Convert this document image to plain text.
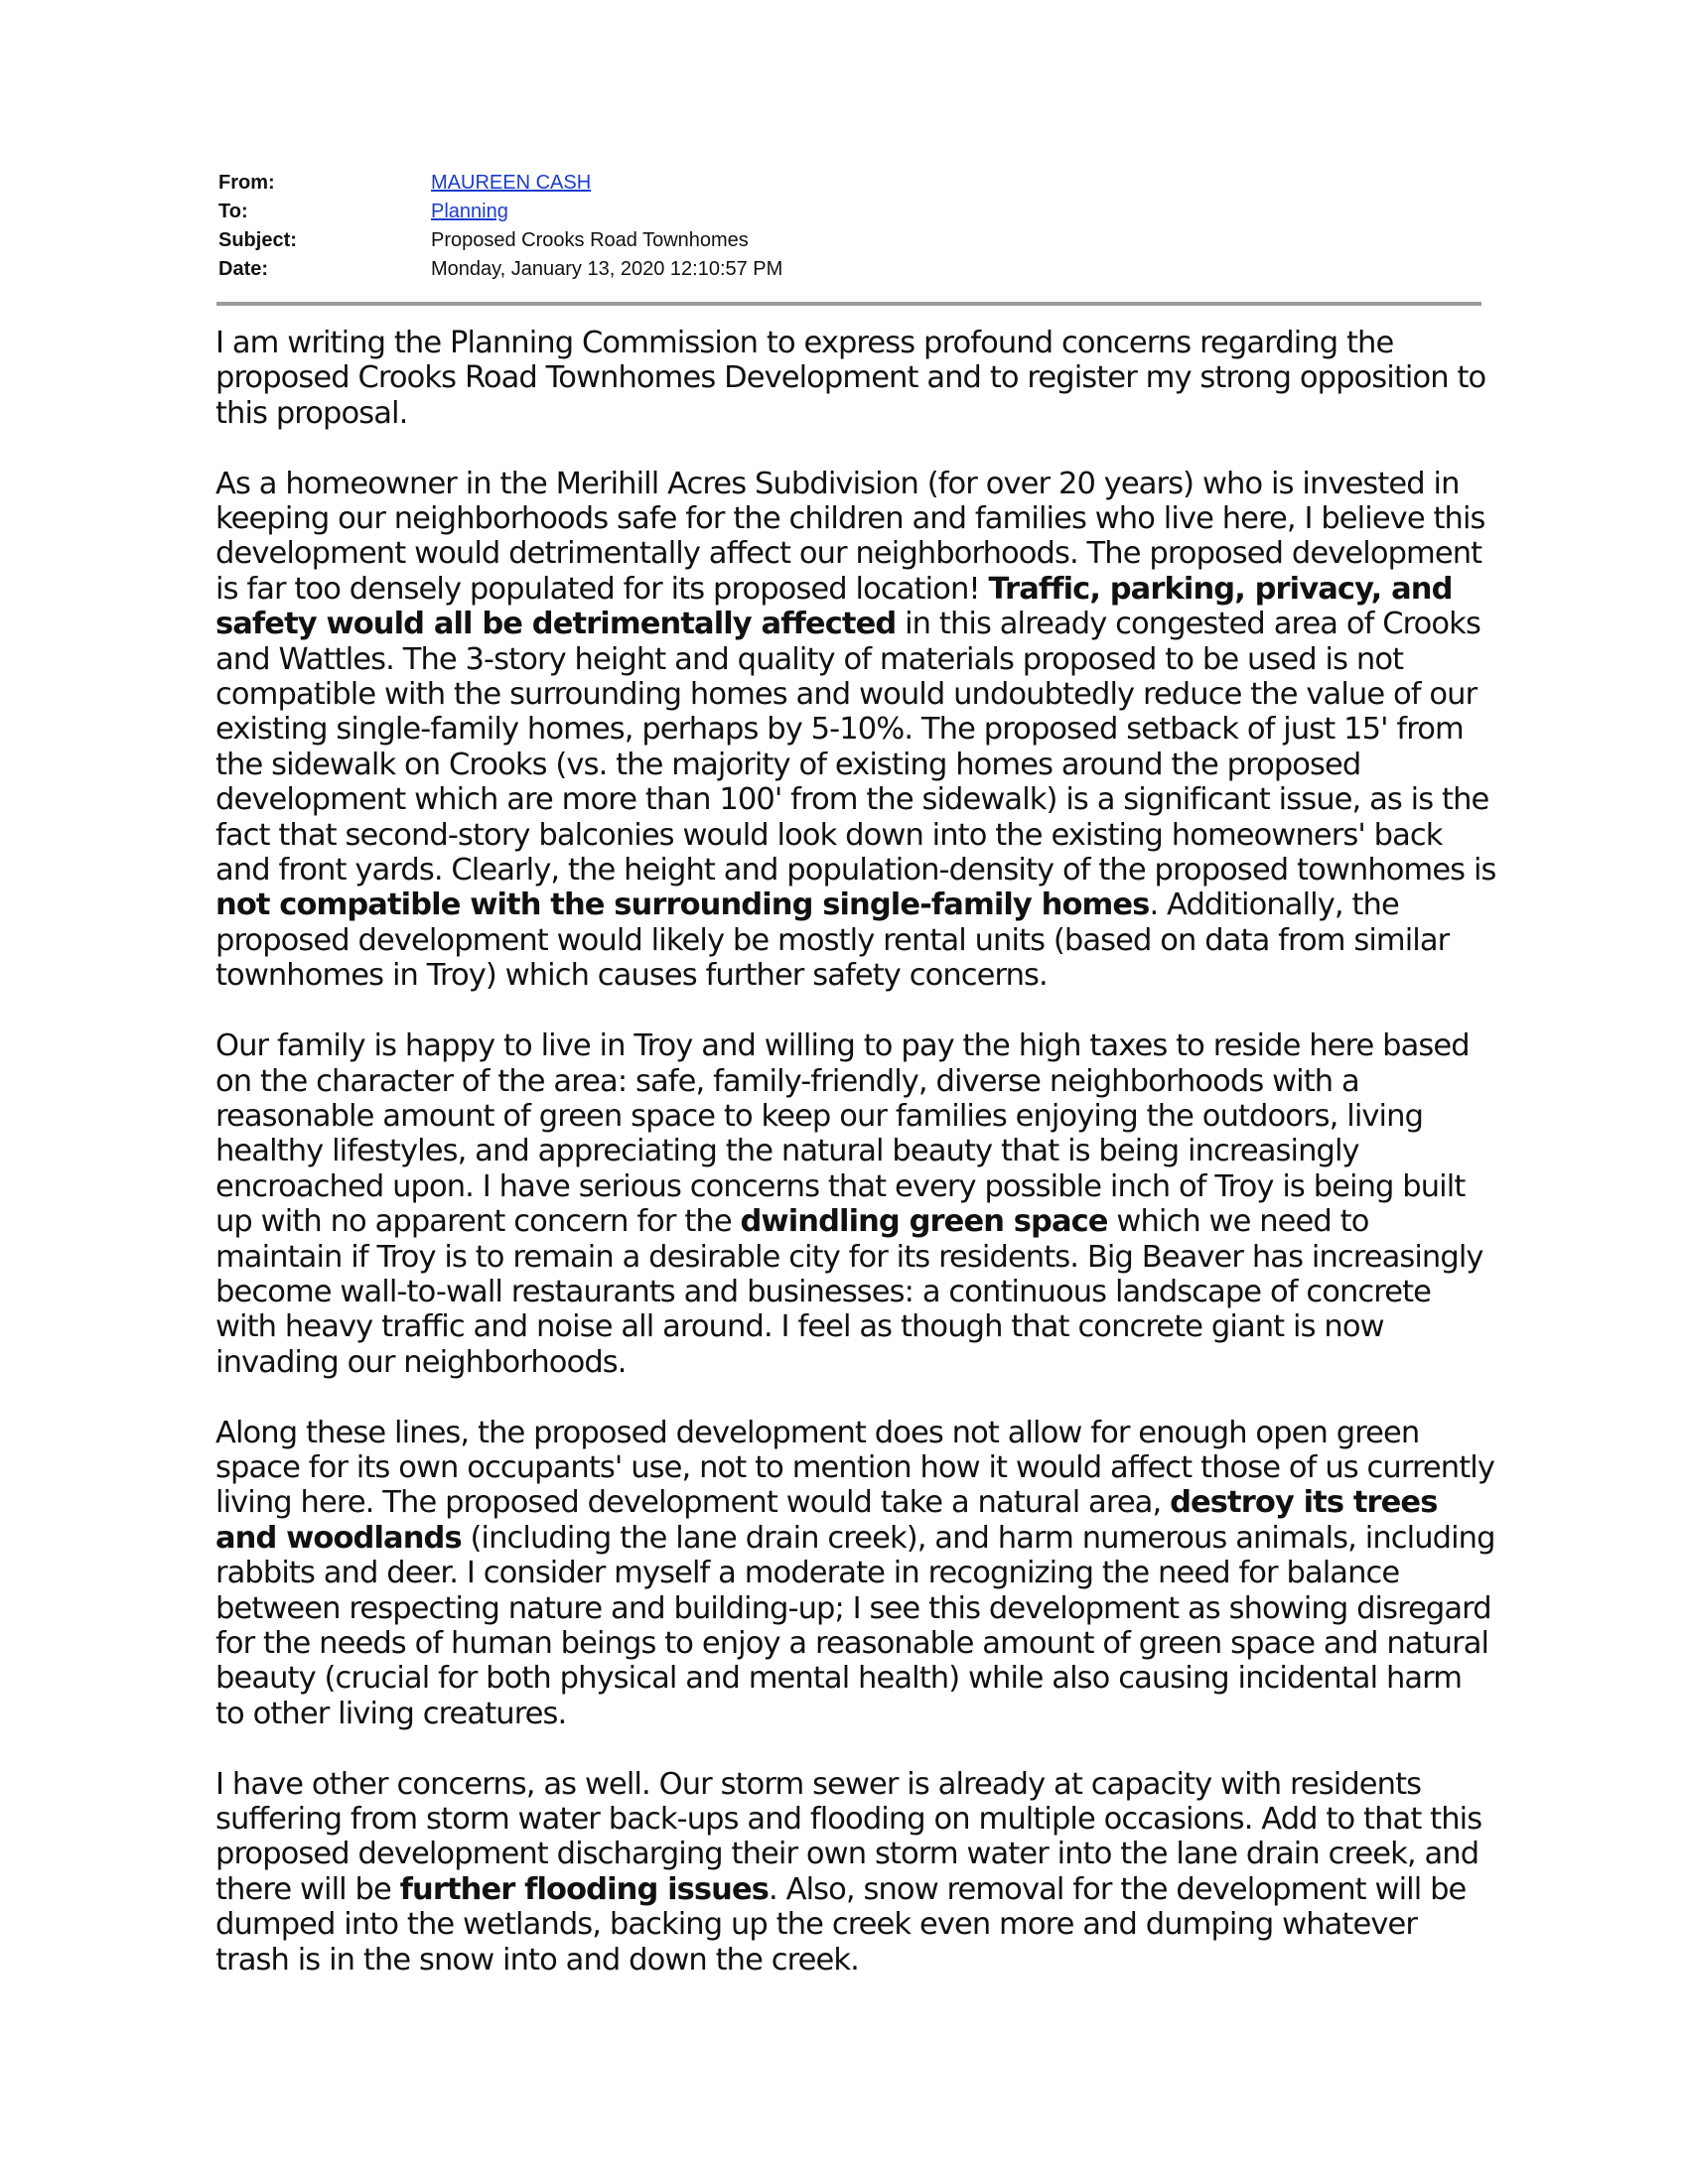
From:	MAUREEN CASH
To:	Planning
Subject:	Proposed Crooks Road Townhomes
Date:	Monday, January 13, 2020 12:10:57 PM

I am writing the Planning Commission to express profound concerns regarding the proposed Crooks Road Townhomes Development and to register my strong opposition to this proposal.

As a homeowner in the Merihill Acres Subdivision (for over 20 years) who is invested in keeping our neighborhoods safe for the children and families who live here, I believe this development would detrimentally affect our neighborhoods. The proposed development is far too densely populated for its proposed location! Traffic, parking, privacy, and safety would all be detrimentally affected in this already congested area of Crooks and Wattles. The 3-story height and quality of materials proposed to be used is not compatible with the surrounding homes and would undoubtedly reduce the value of our existing single-family homes, perhaps by 5-10%. The proposed setback of just 15' from the sidewalk on Crooks (vs. the majority of existing homes around the proposed development which are more than 100' from the sidewalk) is a significant issue, as is the fact that second-story balconies would look down into the existing homeowners' back and front yards. Clearly, the height and population-density of the proposed townhomes is not compatible with the surrounding single-family homes. Additionally, the proposed development would likely be mostly rental units (based on data from similar townhomes in Troy) which causes further safety concerns.

Our family is happy to live in Troy and willing to pay the high taxes to reside here based on the character of the area: safe, family-friendly, diverse neighborhoods with a reasonable amount of green space to keep our families enjoying the outdoors, living healthy lifestyles, and appreciating the natural beauty that is being increasingly encroached upon. I have serious concerns that every possible inch of Troy is being built up with no apparent concern for the dwindling green space which we need to maintain if Troy is to remain a desirable city for its residents. Big Beaver has increasingly become wall-to-wall restaurants and businesses: a continuous landscape of concrete with heavy traffic and noise all around. I feel as though that concrete giant is now invading our neighborhoods.

Along these lines, the proposed development does not allow for enough open green space for its own occupants' use, not to mention how it would affect those of us currently living here. The proposed development would take a natural area, destroy its trees and woodlands (including the lane drain creek), and harm numerous animals, including rabbits and deer. I consider myself a moderate in recognizing the need for balance between respecting nature and building-up; I see this development as showing disregard for the needs of human beings to enjoy a reasonable amount of green space and natural beauty (crucial for both physical and mental health) while also causing incidental harm to other living creatures.

I have other concerns, as well. Our storm sewer is already at capacity with residents suffering from storm water back-ups and flooding on multiple occasions. Add to that this proposed development discharging their own storm water into the lane drain creek, and there will be further flooding issues. Also, snow removal for the development will be dumped into the wetlands, backing up the creek even more and dumping whatever trash is in the snow into and down the creek.
